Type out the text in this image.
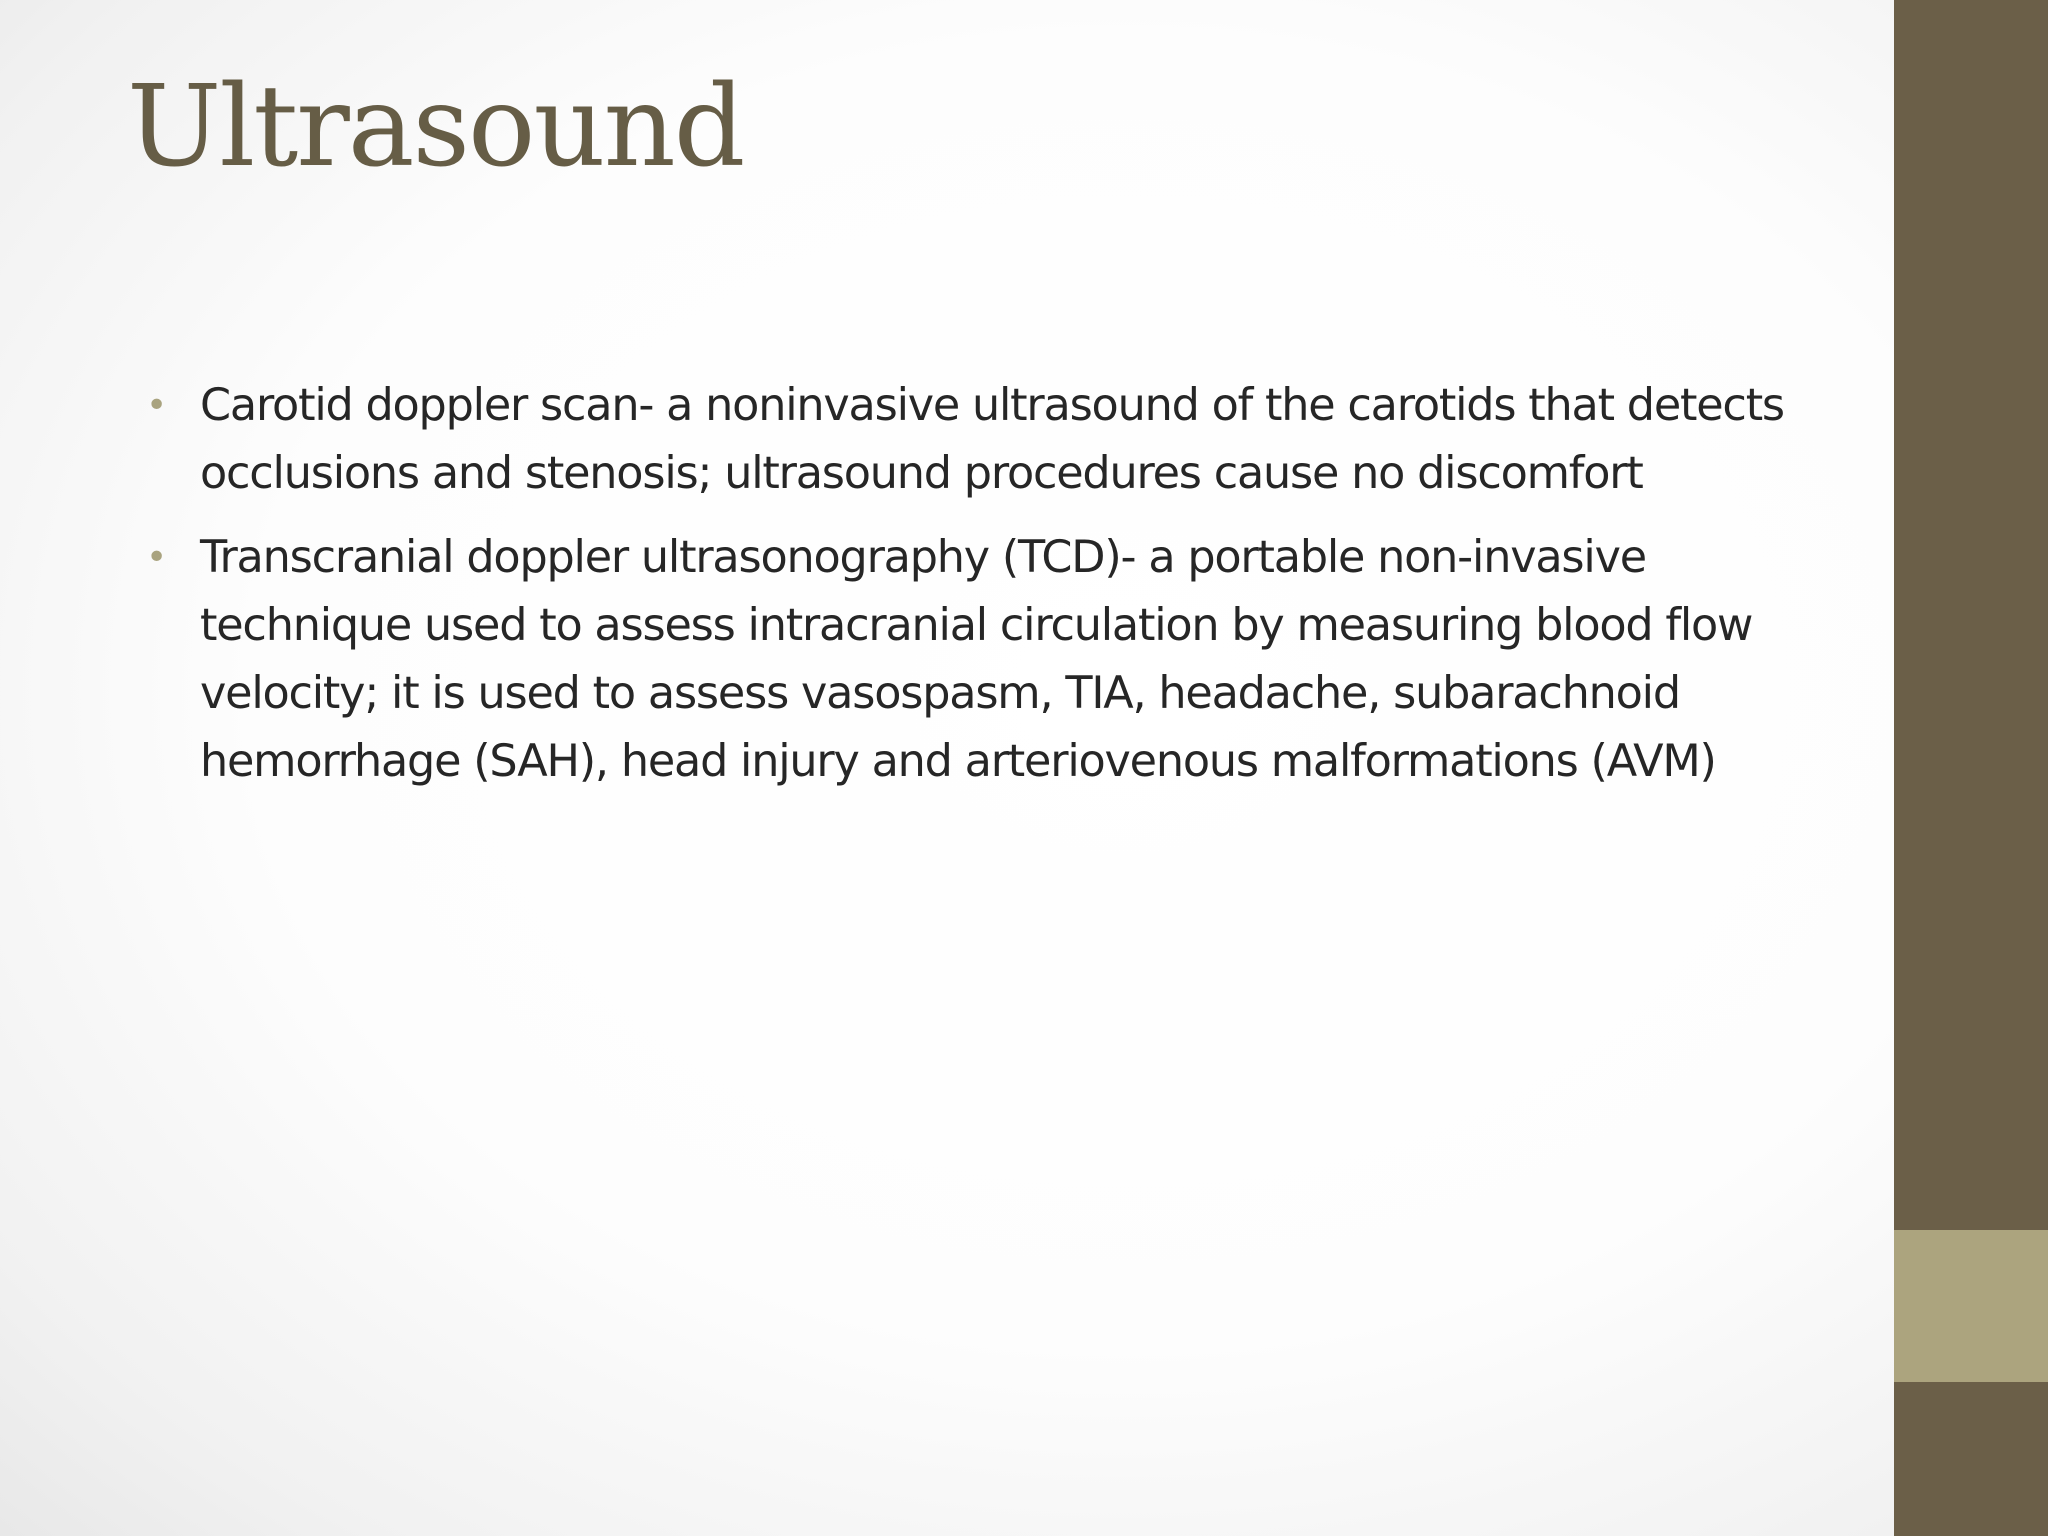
Ultrasound
• Carotid doppler scan- a noninvasive ultrasound of the carotids that detects occlusions and stenosis; ultrasound procedures cause no discomfort
• Transcranial doppler ultrasonography (TCD)- a portable non-invasive technique used to assess intracranial circulation by measuring blood flow velocity; it is used to assess vasospasm, TIA, headache, subarachnoid hemorrhage (SAH), head injury and arteriovenous malformations (AVM)
